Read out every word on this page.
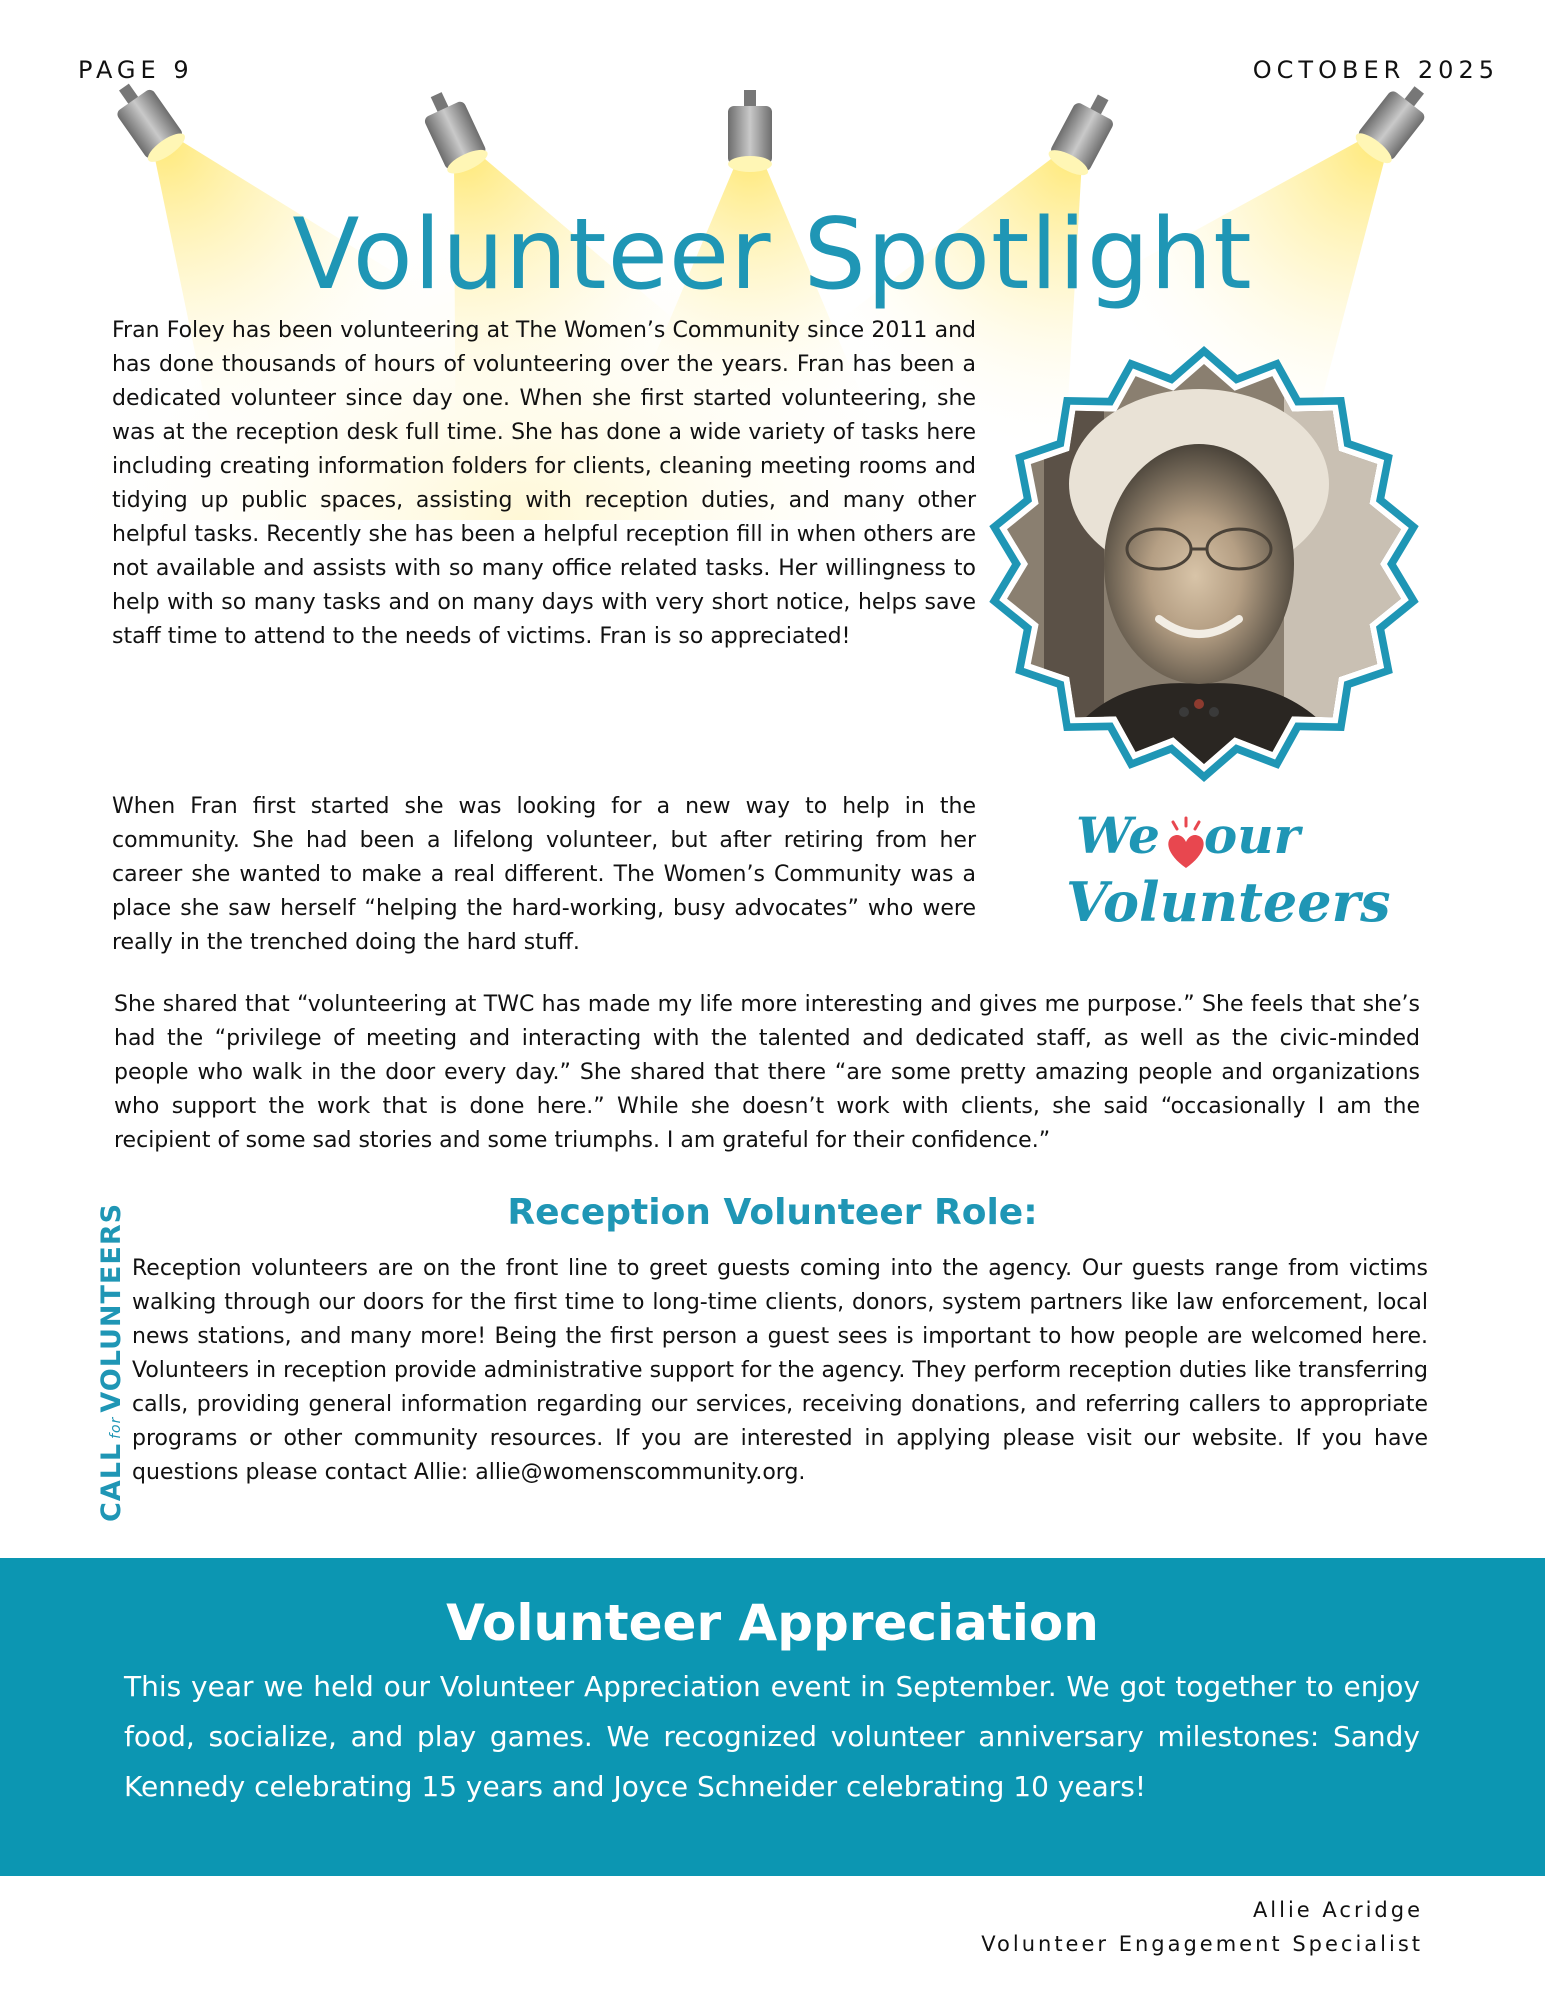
PAGE 9	OCTOBER 2025
Volunteer Spotlight

Fran Foley has been volunteering at The Women’s Community since 2011 and has done thousands of hours of volunteering over the years. Fran has been a dedicated volunteer since day one. When she first started volunteering, she was at the reception desk full time. She has done a wide variety of tasks here including creating information folders for clients, cleaning meeting rooms and tidying up public spaces, assisting with reception duties, and many other helpful tasks. Recently she has been a helpful reception fill in when others are not available and assists with so many office related tasks. Her willingness to help with so many tasks and on many days with very short notice, helps save staff time to attend to the needs of victims. Fran is so appreciated!

When Fran first started she was looking for a new way to help in the community. She had been a lifelong volunteer, but after retiring from her career she wanted to make a real different. The Women’s Community was a place she saw herself “helping the hard-working, busy advocates” who were really in the trenched doing the hard stuff.

We our
Volunteers

She shared that “volunteering at TWC has made my life more interesting and gives me purpose.” She feels that she’s had the “privilege of meeting and interacting with the talented and dedicated staff, as well as the civic-minded people who walk in the door every day.” She shared that there “are some pretty amazing people and organizations who support the work that is done here.” While she doesn’t work with clients, she said “occasionally I am the recipient of some sad stories and some triumphs. I am grateful for their confidence.”

Reception Volunteer Role:
CALLforVOLUNTEERS Reception volunteers are on the front line to greet guests coming into the agency. Our guests range from victims walking through our doors for the first time to long-time clients, donors, system partners like law enforcement, local news stations, and many more! Being the first person a guest sees is important to how people are welcomed here. Volunteers in reception provide administrative support for the agency. They perform reception duties like transferring calls, providing general information regarding our services, receiving donations, and referring callers to appropriate programs or other community resources. If you are interested in applying please visit our website. If you have questions please contact Allie: allie@womenscommunity.org.

Volunteer Appreciation

This year we held our Volunteer Appreciation event in September. We got together to enjoy food, socialize, and play games. We recognized volunteer anniversary milestones: Sandy Kennedy celebrating 15 years and Joyce Schneider celebrating 10 years!

Allie Acridge
Volunteer Engagement Specialist
